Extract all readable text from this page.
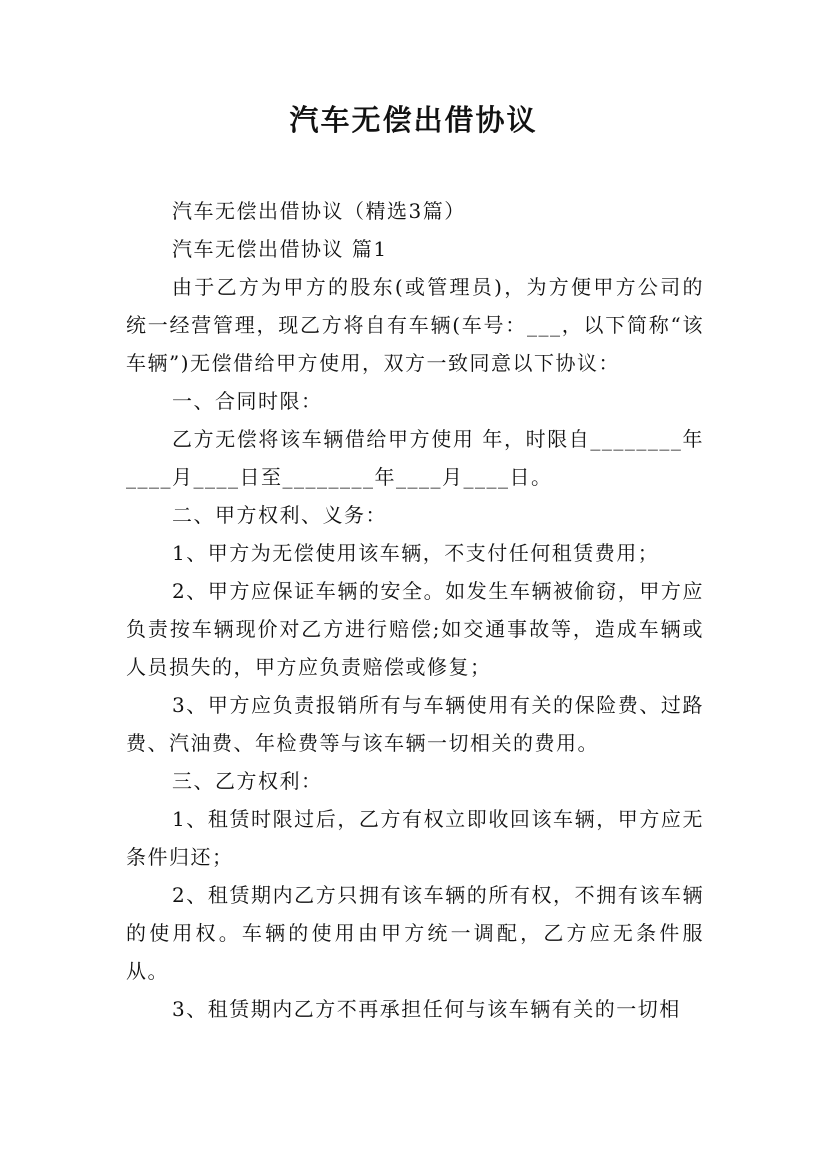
汽车无偿出借协议

汽车无偿出借协议（精选3篇）

汽车无偿出借协议 篇1

由于乙方为甲方的股东(或管理员)，为方便甲方公司的统一经营管理，现乙方将自有车辆(车号：___，以下简称“该车辆”)无偿借给甲方使用，双方一致同意以下协议：

一、合同时限：

乙方无偿将该车辆借给甲方使用 年，时限自________年____月____日至________年____月____日。

二、甲方权利、义务：

1、甲方为无偿使用该车辆，不支付任何租赁费用；

2、甲方应保证车辆的安全。如发生车辆被偷窃，甲方应负责按车辆现价对乙方进行赔偿;如交通事故等，造成车辆或人员损失的，甲方应负责赔偿或修复；

3、甲方应负责报销所有与车辆使用有关的保险费、过路费、汽油费、年检费等与该车辆一切相关的费用。

三、乙方权利：

1、租赁时限过后，乙方有权立即收回该车辆，甲方应无条件归还；

2、租赁期内乙方只拥有该车辆的所有权，不拥有该车辆的使用权。车辆的使用由甲方统一调配，乙方应无条件服从。

3、租赁期内乙方不再承担任何与该车辆有关的一切相
